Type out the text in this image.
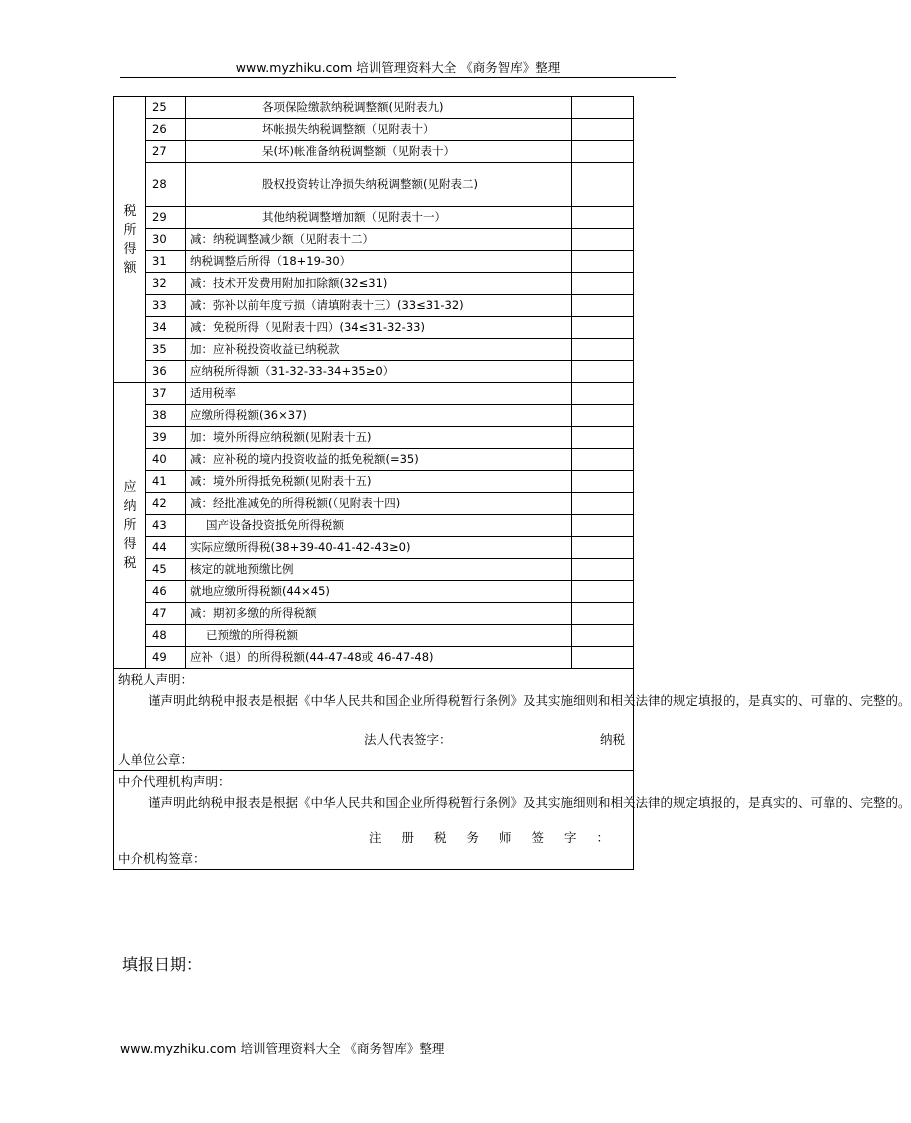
www.myzhiku.com 培训管理资料大全 《商务智库》整理
税所得额	25	各项保险缴款纳税调整额(见附表九)	
	26	坏帐损失纳税调整额（见附表十）	
	27	呆(坏)帐准备纳税调整额（见附表十）	
	28	股权投资转让净损失纳税调整额(见附表二)	
	29	其他纳税调整增加额（见附表十一）	
	30	减：纳税调整减少额（见附表十二）	
	31	纳税调整后所得（18+19-30）	
	32	减：技术开发费用附加扣除额(32≤31)	
	33	减：弥补以前年度亏损（请填附表十三）(33≤31-32)	
	34	减：免税所得（见附表十四）(34≤31-32-33)	
	35	加：应补税投资收益已纳税款	
	36	应纳税所得额（31-32-33-34+35≥0）	

应纳所得税	37	适用税率	
	38	应缴所得税额(36×37)	
	39	加：境外所得应纳税额(见附表十五)	
	40	减：应补税的境内投资收益的抵免税额(=35)	
	41	减：境外所得抵免税额(见附表十五)	
	42	减：经批准减免的所得税额(（见附表十四)	
	43	国产设备投资抵免所得税额	
	44	实际应缴所得税(38+39-40-41-42-43≥0)	
	45	核定的就地预缴比例	
	46	就地应缴所得税额(44×45)	
	47	减：期初多缴的所得税额	
	48	已预缴的所得税额	
	49	应补（退）的所得税额(44-47-48或 46-47-48)	

纳税人声明：

谨声明此纳税申报表是根据《中华人民共和国企业所得税暂行条例》及其实施细则和相关法律的规定填报的，是真实的、可靠的、完整的。

法人代表签字： 纳税

人单位公章：			

中介代理机构声明：

谨声明此纳税申报表是根据《中华人民共和国企业所得税暂行条例》及其实施细则和相关法律的规定填报的，是真实的、可靠的、完整的。

注册税务师签字：

中介机构签章：			

填报日期：
www.myzhiku.com 培训管理资料大全 《商务智库》整理
